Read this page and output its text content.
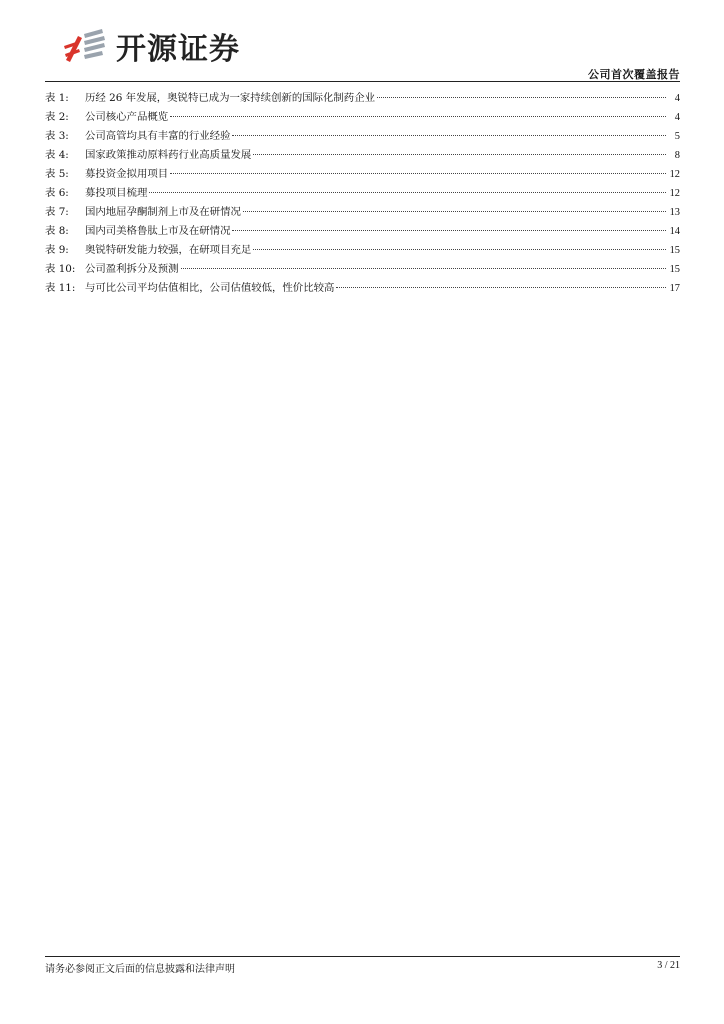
开源证券
公司首次覆盖报告
表 1:	历经 26 年发展，奥锐特已成为一家持续创新的国际化制药企业	4
表 2:	公司核心产品概览	4
表 3:	公司高管均具有丰富的行业经验	5
表 4:	国家政策推动原料药行业高质量发展	8
表 5:	募投资金拟用项目	12
表 6:	募投项目梳理	12
表 7:	国内地屈孕酮制剂上市及在研情况	13
表 8:	国内司美格鲁肽上市及在研情况	14
表 9:	奥锐特研发能力较强，在研项目充足	15
表 10: 公司盈利拆分及预测	15
表 11: 与可比公司平均估值相比，公司估值较低，性价比较高	17
请务必参阅正文后面的信息披露和法律声明	3 / 21
